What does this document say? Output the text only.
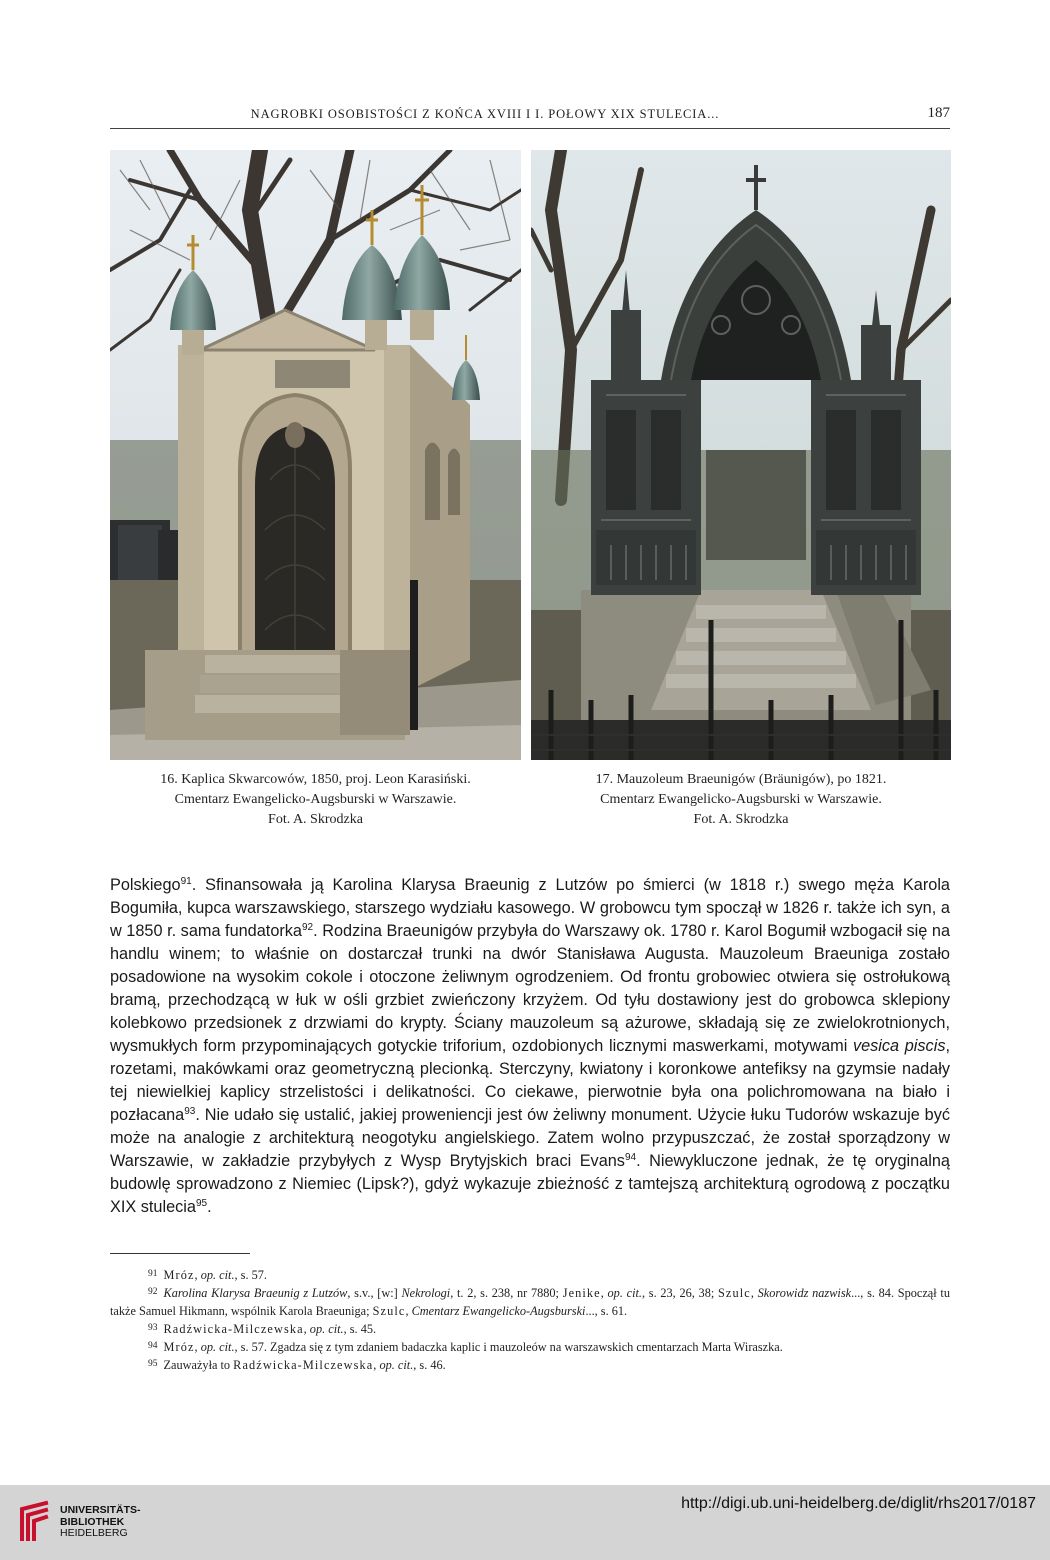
NAGROBKI OSOBISTOŚCI Z KOŃCA XVIII I I. POŁOWY XIX STULECIA...	187
16. Kaplica Skwarcowów, 1850, proj. Leon Karasiński.
Cmentarz Ewangelicko-Augsburski w Warszawie.
Fot. A. Skrodzka
17. Mauzoleum Braeunigów (Bräunigów), po 1821.
Cmentarz Ewangelicko-Augsburski w Warszawie.
Fot. A. Skrodzka

Polskiego$^{91}$. Sfinansowała ją Karolina Klarysa Braeunig z Lutzów po śmierci (w 1818 r.) swego męża Karola Bogumiła, kupca warszawskiego, starszego wydziału kasowego. W grobowcu tym spoczął w 1826 r. także ich syn, a w 1850 r. sama fundatorka$^{92}$. Rodzina Braeunigów przybyła do Warszawy ok. 1780 r. Karol Bogumił wzbogacił się na handlu winem; to właśnie on dostarczał trunki na dwór Stanisława Augusta. Mauzoleum Braeuniga zostało posadowione na wysokim cokole i otoczone żeliwnym ogrodzeniem. Od frontu grobowiec otwiera się ostrołukową bramą, przechodzącą w łuk w ośli grzbiet zwieńczony krzyżem. Od tyłu dostawiony jest do grobowca sklepiony kolebkowo przedsionek z drzwiami do krypty. Ściany mauzoleum są ażurowe, składają się ze zwielokrotnionych, wysmukłych form przypominających gotyckie triforium, ozdobionych licznymi maswerkami, motywami vesica piscis, rozetami, makówkami oraz geometryczną plecionką. Sterczyny, kwiatony i koronkowe antefiksy na gzymsie nadały tej niewielkiej kaplicy strzelistości i delikatności. Co ciekawe, pierwotnie była ona polichromowana na biało i pozłacana$^{93}$. Nie udało się ustalić, jakiej proweniencji jest ów żeliwny monument. Użycie łuku Tudorów wskazuje być może na analogie z architekturą neogotyku angielskiego. Zatem wolno przypuszczać, że został sporządzony w Warszawie, w zakładzie przybyłych z Wysp Brytyjskich braci Evans$^{94}$. Niewykluczone jednak, że tę oryginalną budowlę sprowadzono z Niemiec (Lipsk?), gdyż wykazuje zbieżność z tamtejszą architekturą ogrodową z początku XIX stulecia$^{95}$.

$^{91}$ Mróz, op. cit., s. 57.
$^{92}$ Karolina Klarysa Braeunig z Lutzów, s.v., [w:] Nekrologi, t. 2, s. 238, nr 7880; Jenike, op. cit., s. 23, 26, 38; Szulc, Skorowidz nazwisk..., s. 84. Spoczął tu także Samuel Hikmann, wspólnik Karola Braeuniga; Szulc, Cmentarz Ewangelicko-Augsburski..., s. 61.
$^{93}$ Radźwicka-Milczewska, op. cit., s. 45.
$^{94}$ Mróz, op. cit., s. 57. Zgadza się z tym zdaniem badaczka kaplic i mauzoleów na warszawskich cmentarzach Marta Wiraszka.
$^{95}$ Zauważyła to Radźwicka-Milczewska, op. cit., s. 46.
UNIVERSITÄTS-
BIBLIOTHEK
HEIDELBERG
http://digi.ub.uni-heidelberg.de/diglit/rhs2017/0187
